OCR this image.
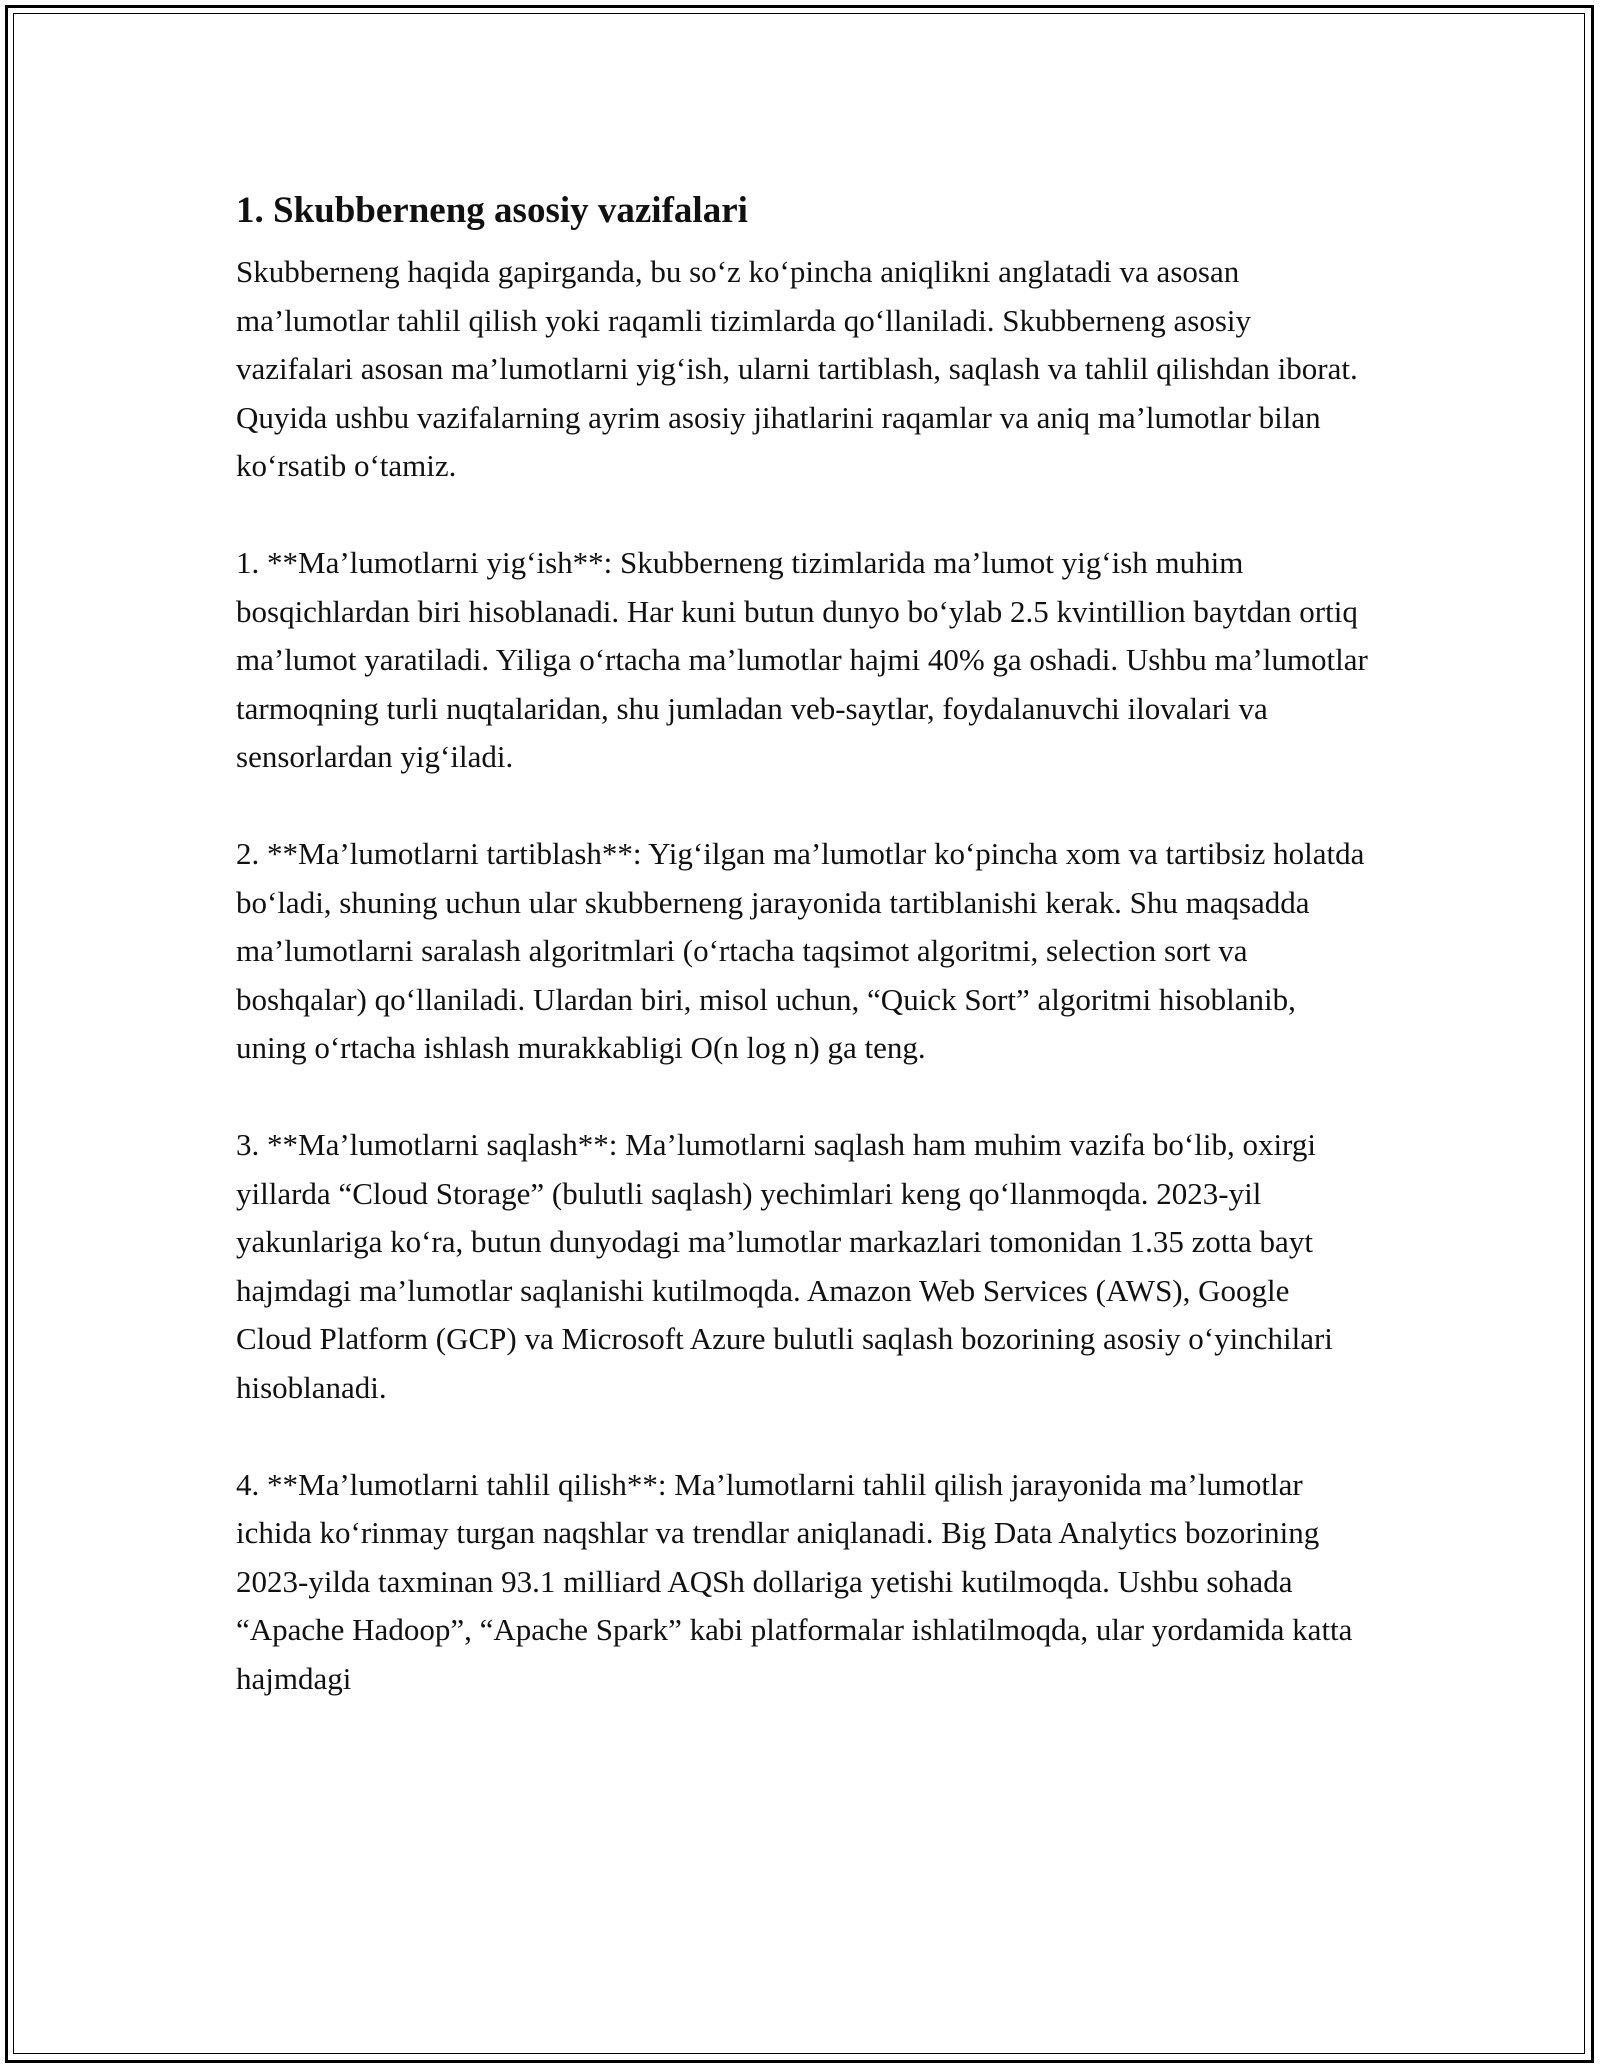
1. Skubberneng asosiy vazifalari

Skubberneng haqida gapirganda, bu so‘z ko‘pincha aniqlikni anglatadi va asosan ma’lumotlar tahlil qilish yoki raqamli tizimlarda qo‘llaniladi. Skubberneng asosiy vazifalari asosan ma’lumotlarni yig‘ish, ularni tartiblash, saqlash va tahlil qilishdan iborat. Quyida ushbu vazifalarning ayrim asosiy jihatlarini raqamlar va aniq ma’lumotlar bilan ko‘rsatib o‘tamiz.

1. **Ma’lumotlarni yig‘ish**: Skubberneng tizimlarida ma’lumot yig‘ish muhim bosqichlardan biri hisoblanadi. Har kuni butun dunyo bo‘ylab 2.5 kvintillion baytdan ortiq ma’lumot yaratiladi. Yiliga o‘rtacha ma’lumotlar hajmi 40% ga oshadi. Ushbu ma’lumotlar tarmoqning turli nuqtalaridan, shu jumladan veb-saytlar, foydalanuvchi ilovalari va sensorlardan yig‘iladi.

2. **Ma’lumotlarni tartiblash**: Yig‘ilgan ma’lumotlar ko‘pincha xom va tartibsiz holatda bo‘ladi, shuning uchun ular skubberneng jarayonida tartiblanishi kerak. Shu maqsadda ma’lumotlarni saralash algoritmlari (o‘rtacha taqsimot algoritmi, selection sort va boshqalar) qo‘llaniladi. Ulardan biri, misol uchun, “Quick Sort” algoritmi hisoblanib, uning o‘rtacha ishlash murakkabligi O(n log n) ga teng.

3. **Ma’lumotlarni saqlash**: Ma’lumotlarni saqlash ham muhim vazifa bo‘lib, oxirgi yillarda “Cloud Storage” (bulutli saqlash) yechimlari keng qo‘llanmoqda. 2023-yil yakunlariga ko‘ra, butun dunyodagi ma’lumotlar markazlari tomonidan 1.35 zotta bayt hajmdagi ma’lumotlar saqlanishi kutilmoqda. Amazon Web Services (AWS), Google Cloud Platform (GCP) va Microsoft Azure bulutli saqlash bozorining asosiy o‘yinchilari hisoblanadi.

4. **Ma’lumotlarni tahlil qilish**: Ma’lumotlarni tahlil qilish jarayonida ma’lumotlar ichida ko‘rinmay turgan naqshlar va trendlar aniqlanadi. Big Data Analytics bozorining 2023-yilda taxminan 93.1 milliard AQSh dollariga yetishi kutilmoqda. Ushbu sohada “Apache Hadoop”, “Apache Spark” kabi platformalar ishlatilmoqda, ular yordamida katta hajmdagi
